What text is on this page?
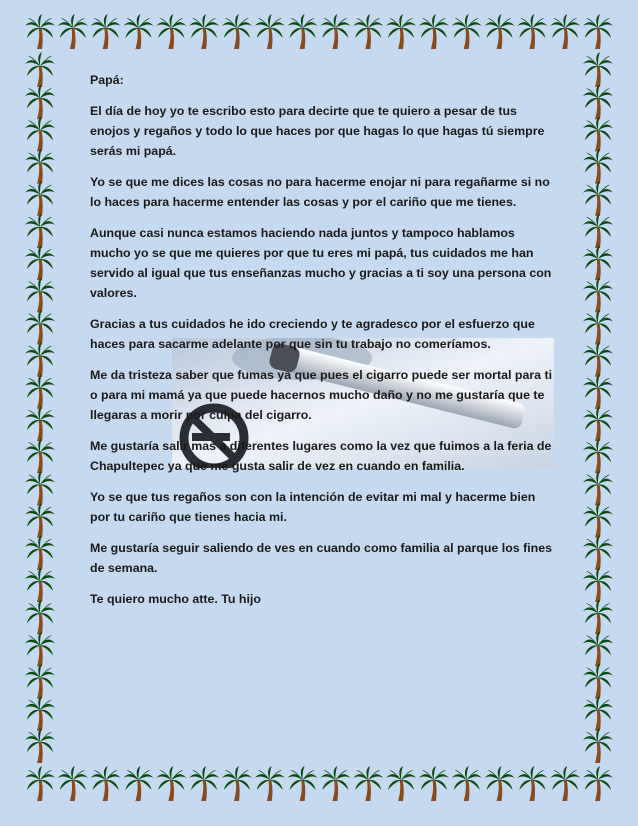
Papá:

El día de hoy yo te escribo esto para decirte que te quiero a pesar de tus enojos y regaños y todo lo que haces por que hagas lo que hagas tú siempre serás mi papá.

Yo se que me dices las cosas no para hacerme enojar ni para regañarme si no lo haces para hacerme entender las cosas y por el cariño que me tienes.

Aunque casi nunca estamos haciendo nada juntos y tampoco hablamos mucho yo se que me quieres por que tu eres mi papá, tus cuidados me han servido al igual que tus enseñanzas mucho y gracias a ti soy una persona con valores.

Gracias a tus cuidados he ido creciendo y te agradesco por el esfuerzo que haces para sacarme adelante por que sin tu trabajo no comeríamos.

Me da tristeza saber que fumas ya que pues el cigarro puede ser mortal para ti o para mi mamá ya que puede hacernos mucho daño y no me gustaría que te llegaras a morir por culpa del cigarro.

Me gustaría salir mas a diferentes lugares como la vez que fuimos a la feria de Chapultepec ya que me gusta salir de vez en cuando en familia.

Yo se que tus regaños son con la intención de evitar mi mal y hacerme bien por tu cariño que tienes hacia mi.

Me gustaría seguir saliendo de ves en cuando como familia al parque los fines de semana.

Te quiero mucho atte. Tu hijo
